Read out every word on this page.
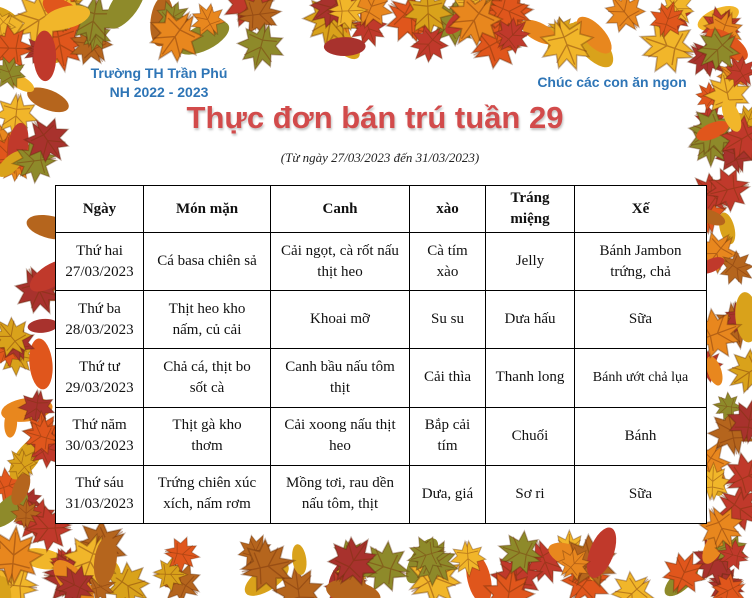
Trường TH Trần Phú
NH 2022 - 2023
Chúc các con ăn ngon
Thực đơn bán trú tuần 29
(Từ ngày 27/03/2023 đến 31/03/2023)
Ngày	Món mặn	Canh	xào	Tráng miệng	Xế

Thứ hai
27/03/2023	Cá basa chiên sả	Cải ngọt, cà rốt nấu thịt heo	Cà tím xào	Jelly	Bánh Jambon trứng, chả

Thứ ba
28/03/2023	Thịt heo kho nấm, củ cải	Khoai mỡ	Su su	Dưa hấu	Sữa

Thứ tư
29/03/2023	Chả cá, thịt bo sốt cà	Canh bầu nấu tôm thịt	Cải thìa	Thanh long	Bánh ướt chả lụa

Thứ năm
30/03/2023	Thịt gà kho thơm	Cải xoong nấu thịt heo	Bắp cải tím	Chuối	Bánh

Thứ sáu
31/03/2023	Trứng chiên xúc xích, nấm rơm	Mồng tơi, rau dền nấu tôm, thịt	Dưa, giá	Sơ ri	Sữa
